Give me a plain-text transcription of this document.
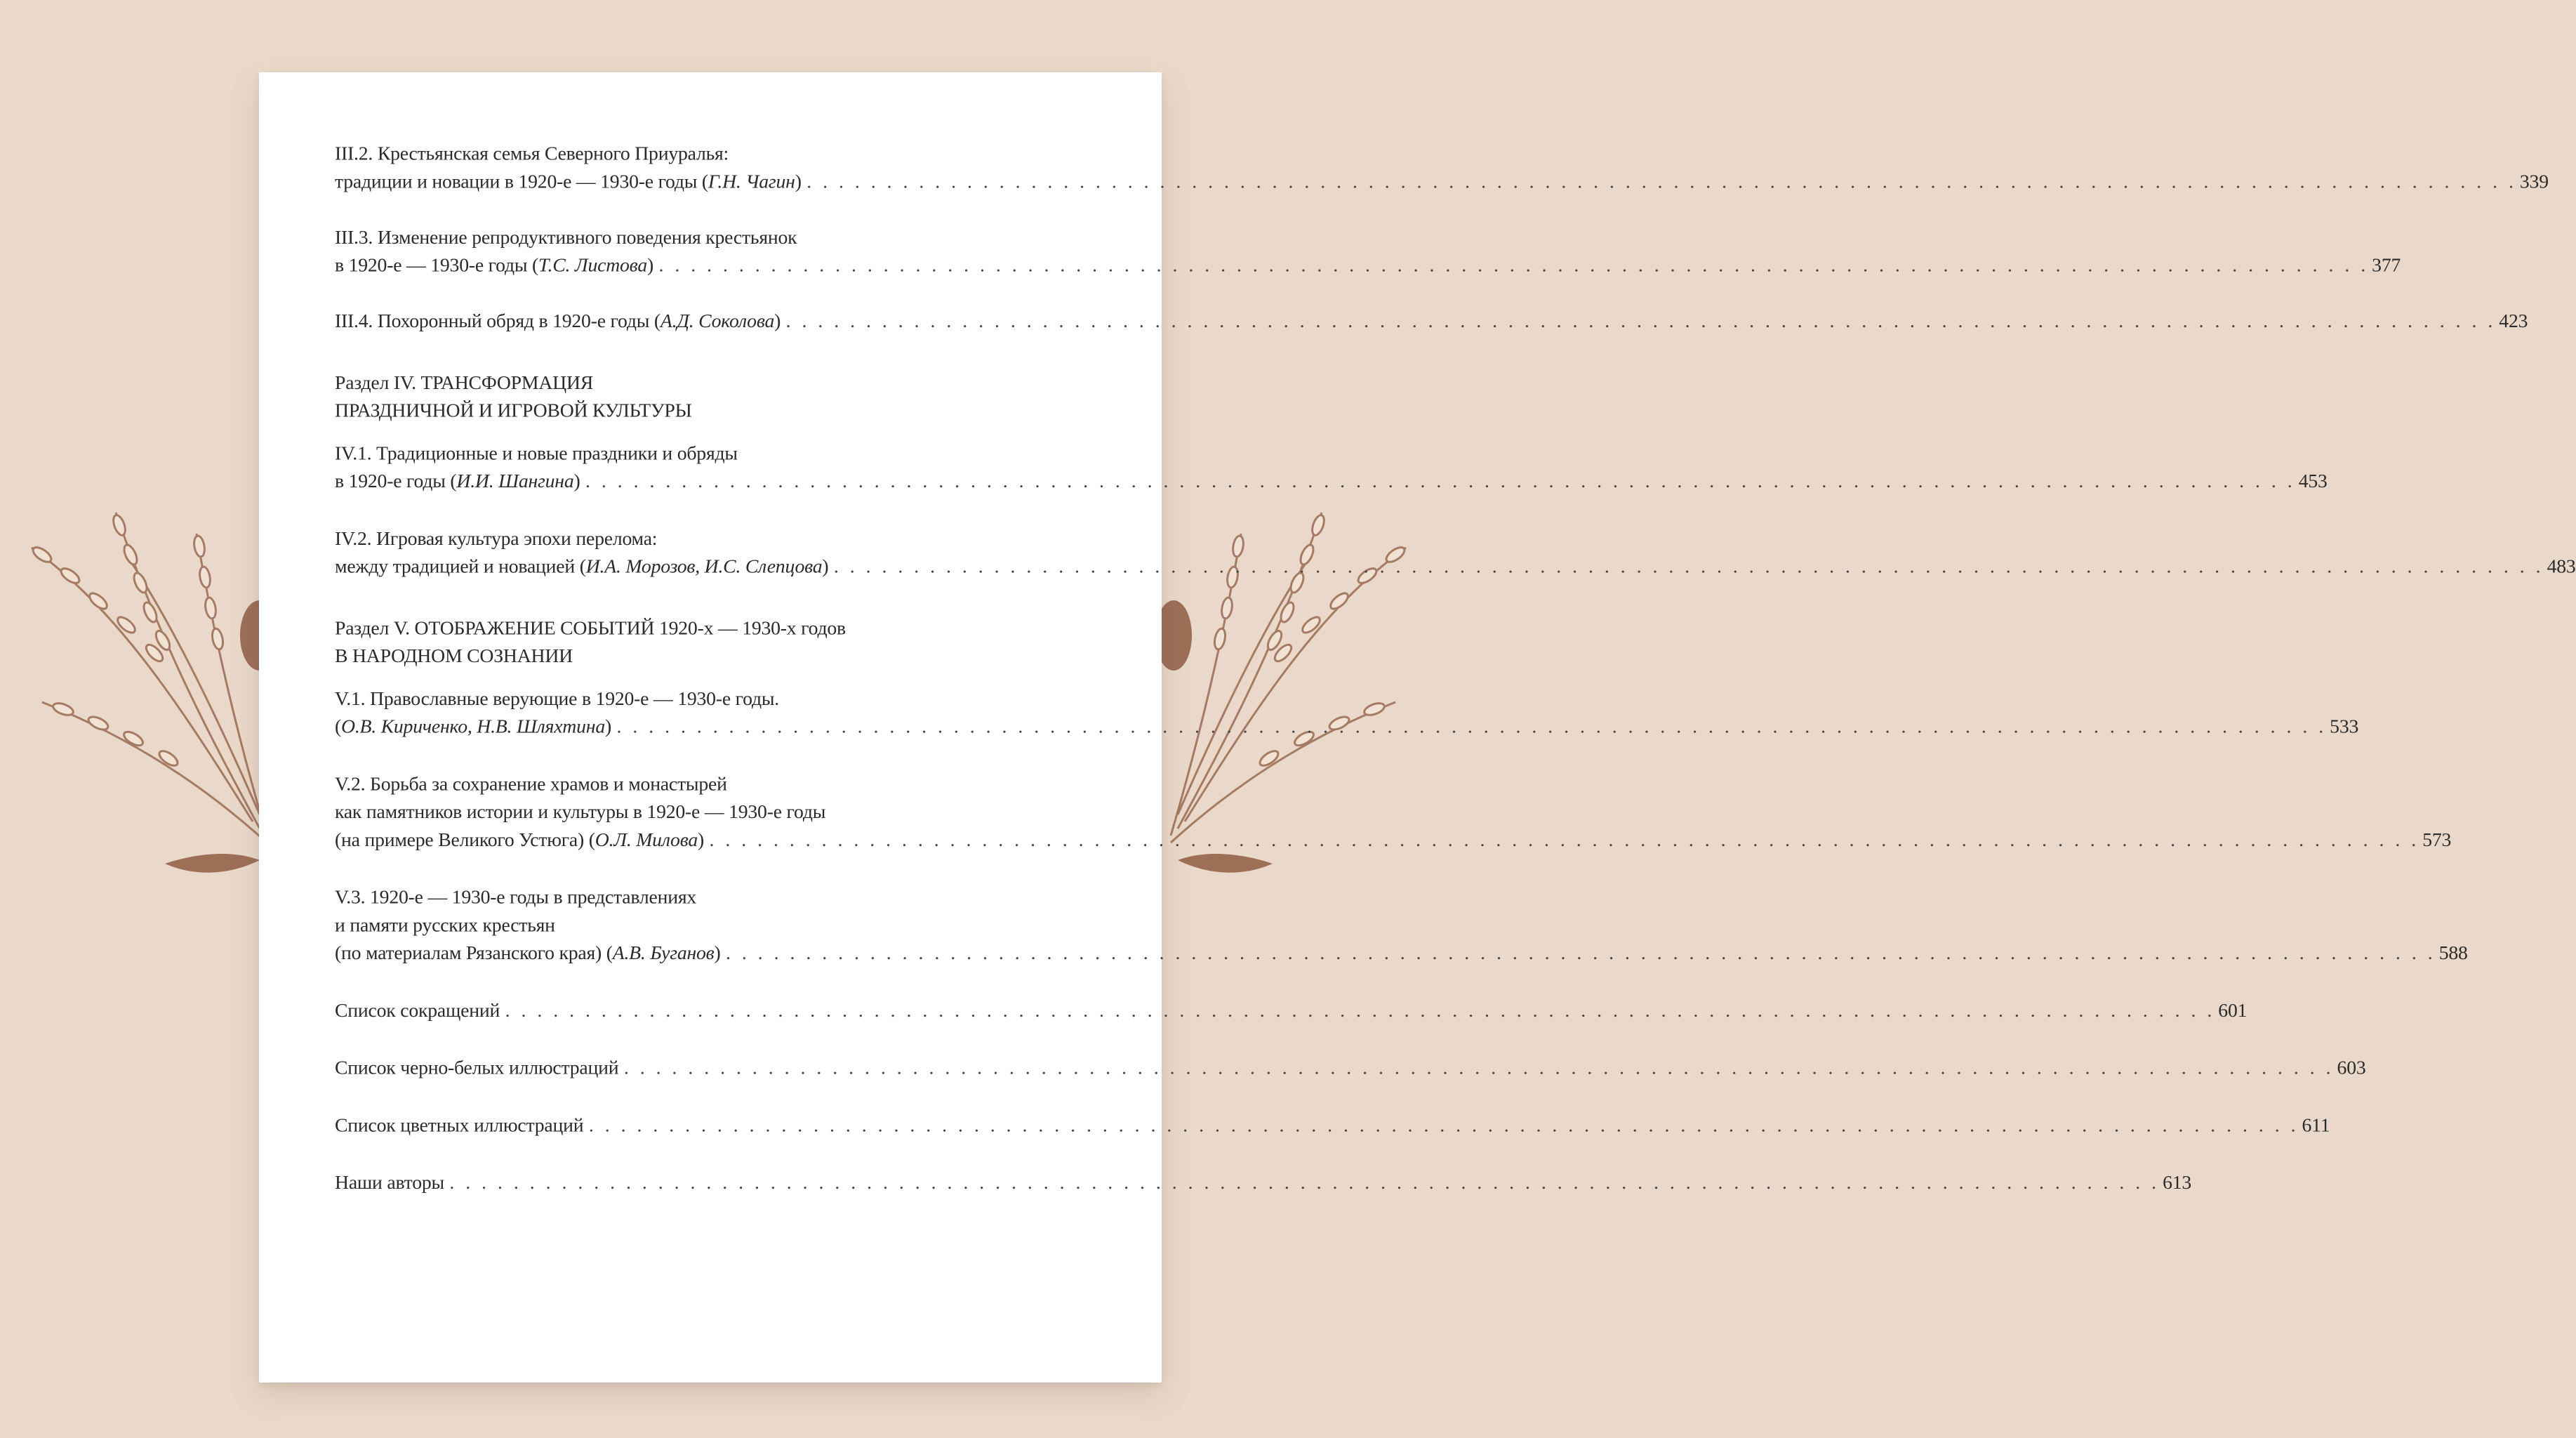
III.2. Крестьянская семья Северного Приуралья:
традиции и новации в 1920-е — 1930-е годы (Г.Н. Чагин) . . . . . . . . . . . . . . . . . . . . . . . . . . . . . . . . . . . . . . . . . . . . . . . . . . . . . . . . . . . . . . . . . . . . . . . . . . . . . . . . . . . . . . . . . . . . . . . . . . . . . . . . . . . 339
III.3. Изменение репродуктивного поведения крестьянок
в 1920-е — 1930-е годы (Т.С. Листова) . . . . . . . . . . . . . . . . . . . . . . . . . . . . . . . . . . . . . . . . . . . . . . . . . . . . . . . . . . . . . . . . . . . . . . . . . . . . . . . . . . . . . . . . . . . . . . . . . . . . . . . . . . . 377
III.4. Похоронный обряд в 1920-е годы (А.Д. Соколова) . . . . . . . . . . . . . . . . . . . . . . . . . . . . . . . . . . . . . . . . . . . . . . . . . . . . . . . . . . . . . . . . . . . . . . . . . . . . . . . . . . . . . . . . . . . . . . . . . . . . . . . . . . . 423
Раздел IV. ТРАНСФОРМАЦИЯ
ПРАЗДНИЧНОЙ И ИГРОВОЙ КУЛЬТУРЫ
IV.1. Традиционные и новые праздники и обряды
в 1920-е годы (И.И. Шангина) . . . . . . . . . . . . . . . . . . . . . . . . . . . . . . . . . . . . . . . . . . . . . . . . . . . . . . . . . . . . . . . . . . . . . . . . . . . . . . . . . . . . . . . . . . . . . . . . . . . . . . . . . . . 453
IV.2. Игровая культура эпохи перелома:
между традицией и новацией (И.А. Морозов, И.С. Слепцова) . . . . . . . . . . . . . . . . . . . . . . . . . . . . . . . . . . . . . . . . . . . . . . . . . . . . . . . . . . . . . . . . . . . . . . . . . . . . . . . . . . . . . . . . . . . . . . . . . . . . . . . . . . . 483
Раздел V. ОТОБРАЖЕНИЕ СОБЫТИЙ 1920-х — 1930-х годов
В НАРОДНОМ СОЗНАНИИ
V.1. Православные верующие в 1920-е — 1930-е годы.
(О.В. Кириченко, Н.В. Шляхтина) . . . . . . . . . . . . . . . . . . . . . . . . . . . . . . . . . . . . . . . . . . . . . . . . . . . . . . . . . . . . . . . . . . . . . . . . . . . . . . . . . . . . . . . . . . . . . . . . . . . . . . . . . . . 533
V.2. Борьба за сохранение храмов и монастырей
как памятников истории и культуры в 1920-е — 1930-е годы
(на примере Великого Устюга) (О.Л. Милова) . . . . . . . . . . . . . . . . . . . . . . . . . . . . . . . . . . . . . . . . . . . . . . . . . . . . . . . . . . . . . . . . . . . . . . . . . . . . . . . . . . . . . . . . . . . . . . . . . . . . . . . . . . . 573
V.3. 1920-е — 1930-е годы в представлениях
и памяти русских крестьян
(по материалам Рязанского края) (А.В. Буганов) . . . . . . . . . . . . . . . . . . . . . . . . . . . . . . . . . . . . . . . . . . . . . . . . . . . . . . . . . . . . . . . . . . . . . . . . . . . . . . . . . . . . . . . . . . . . . . . . . . . . . . . . . . . 588
Список сокращений . . . . . . . . . . . . . . . . . . . . . . . . . . . . . . . . . . . . . . . . . . . . . . . . . . . . . . . . . . . . . . . . . . . . . . . . . . . . . . . . . . . . . . . . . . . . . . . . . . . . . . . . . . . 601
Список черно-белых иллюстраций . . . . . . . . . . . . . . . . . . . . . . . . . . . . . . . . . . . . . . . . . . . . . . . . . . . . . . . . . . . . . . . . . . . . . . . . . . . . . . . . . . . . . . . . . . . . . . . . . . . . . . . . . . . 603
Список цветных иллюстраций . . . . . . . . . . . . . . . . . . . . . . . . . . . . . . . . . . . . . . . . . . . . . . . . . . . . . . . . . . . . . . . . . . . . . . . . . . . . . . . . . . . . . . . . . . . . . . . . . . . . . . . . . . . 611
Наши авторы . . . . . . . . . . . . . . . . . . . . . . . . . . . . . . . . . . . . . . . . . . . . . . . . . . . . . . . . . . . . . . . . . . . . . . . . . . . . . . . . . . . . . . . . . . . . . . . . . . . . . . . . . . . 613
